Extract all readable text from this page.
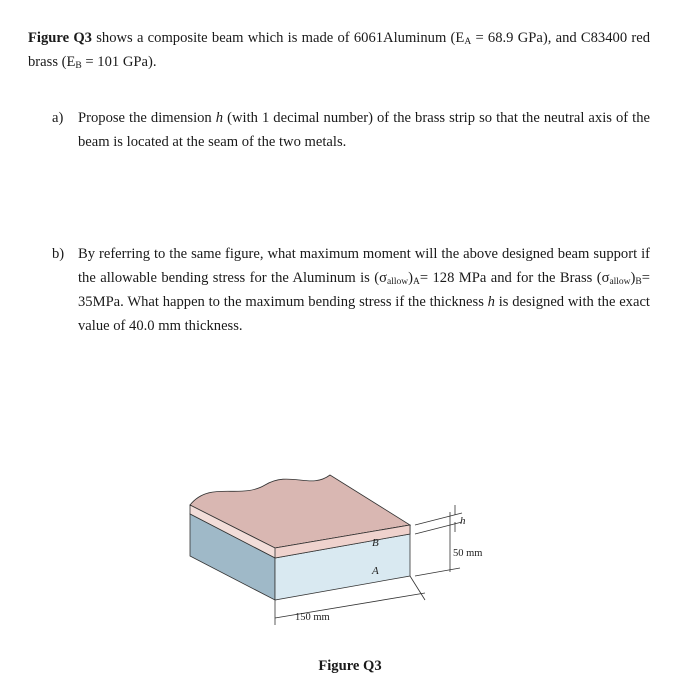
Figure Q3 shows a composite beam which is made of 6061Aluminum ($E_A = 68.9$ GPa), and C83400 red brass ($E_B = 101$ GPa).
a) Propose the dimension h (with 1 decimal number) of the brass strip so that the neutral axis of the beam is located at the seam of the two metals.
b) By referring to the same figure, what maximum moment will the above designed beam support if the allowable bending stress for the Aluminum is $(\sigma_{allow})_A= 128$ MPa and for the Brass $(\sigma_{allow})_B= 35MPa$. What happen to the maximum bending stress if the thickness h is designed with the exact value of 40.0 mm thickness.
B
A
h
50 mm
150 mm
Figure Q3
